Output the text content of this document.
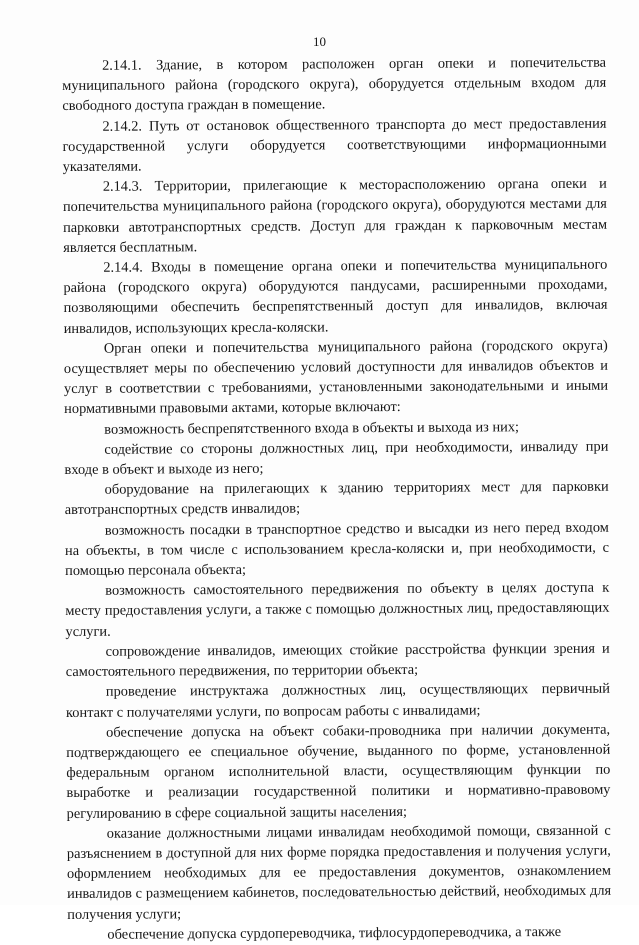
10

2.14.1. Здание, в котором расположен орган опеки и попечительства муниципального района (городского округа), оборудуется отдельным входом для свободного доступа граждан в помещение.

2.14.2. Путь от остановок общественного транспорта до мест предоставления государственной услуги оборудуется соответствующими информационными указателями.

2.14.3. Территории, прилегающие к месторасположению органа опеки и попечительства муниципального района (городского округа), оборудуются местами для парковки автотранспортных средств. Доступ для граждан к парковочным местам является бесплатным.

2.14.4. Входы в помещение органа опеки и попечительства муниципального района (городского округа) оборудуются пандусами, расширенными проходами, позволяющими обеспечить беспрепятственный доступ для инвалидов, включая инвалидов, использующих кресла-коляски.

Орган опеки и попечительства муниципального района (городского округа) осуществляет меры по обеспечению условий доступности для инвалидов объектов и услуг в соответствии с требованиями, установленными законодательными и иными нормативными правовыми актами, которые включают:

возможность беспрепятственного входа в объекты и выхода из них;

содействие со стороны должностных лиц, при необходимости, инвалиду при входе в объект и выходе из него;

оборудование на прилегающих к зданию территориях мест для парковки автотранспортных средств инвалидов;

возможность посадки в транспортное средство и высадки из него перед входом на объекты, в том числе с использованием кресла-коляски и, при необходимости, с помощью персонала объекта;

возможность самостоятельного передвижения по объекту в целях доступа к месту предоставления услуги, а также с помощью должностных лиц, предоставляющих услуги.

сопровождение инвалидов, имеющих стойкие расстройства функции зрения и самостоятельного передвижения, по территории объекта;

проведение инструктажа должностных лиц, осуществляющих первичный контакт с получателями услуги, по вопросам работы с инвалидами;

обеспечение допуска на объект собаки-проводника при наличии документа, подтверждающего ее специальное обучение, выданного по форме, установленной федеральным органом исполнительной власти, осуществляющим функции по выработке и реализации государственной политики и нормативно-правовому регулированию в сфере социальной защиты населения;

оказание должностными лицами инвалидам необходимой помощи, связанной с разъяснением в доступной для них форме порядка предоставления и получения услуги, оформлением необходимых для ее предоставления документов, ознакомлением инвалидов с размещением кабинетов, последовательностью действий, необходимых для получения услуги;

обеспечение допуска сурдопереводчика, тифлосурдопереводчика, а также
